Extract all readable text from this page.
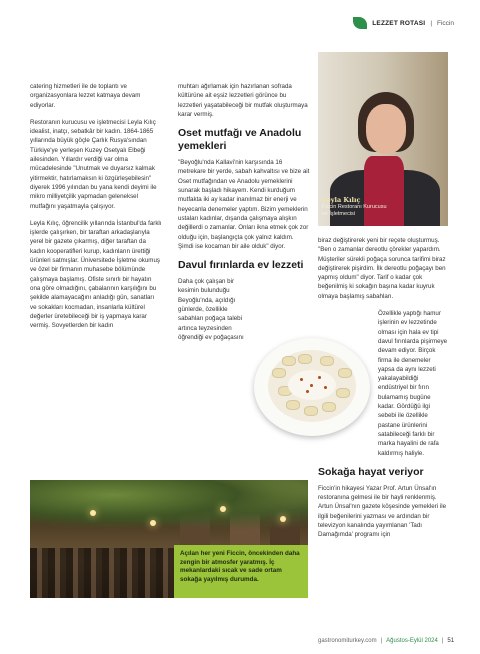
LEZZET ROTASI | Ficcin

catering hizmetleri ile de toplantı ve organizasyonlara lezzet katmaya devam ediyorlar.

Restoranın kurucusu ve işletmecisi Leyla Kılıç idealist, inatçı, sebatkâr bir kadın. 1864-1865 yıllarında büyük göçle Çarlık Rusya'sından Türkiye'ye yerleşen Kuzey Osetyalı Elbeği ailesinden. Yıllardır verdiği var olma mücadelesinde "Unutmak ve duyarsız kalmak yitirmektir, hatırlamaksın ki özgürleşebilesin" diyerek 1996 yılından bu yana kendi deyimi ile mikro milliyetçilik yapmadan geleneksel mutfağını yaşatmayla çalışıyor.

Leyla Kılıç, öğrencilik yıllarında İstanbul'da farklı işlerde çalışırken, bir taraftan arkadaşlarıyla yerel bir gazete çıkarmış, diğer taraftan da kadın kooperatifleri kurup, kadınların ürettiği ürünleri satmışlar. Üniversitede İşletme okumuş ve özel bir firmanın muhasebe bölümünde çalışmaya başlamış. Ofiste sınırlı bir hayatın ona göre olmadığını, çabalarının karşılığını bu şekilde alamayacağını anladığı gün, sanatları ve sokakları kocmadan, insanlarla kültürel değerler üretebileceği bir iş yapmaya karar vermiş. Sovyetlerden bir kadın

muhtarı ağırlamak için hazırlanan sofrada kültürüne ait eşsiz lezzetleri görünce bu lezzetleri yaşatabileceği bir mutfak oluşturmaya karar vermiş.

Oset mutfağı ve Anadolu yemekleri

"Beyoğlu'nda Kallavi'nin karşısında 16 metrekare bir yerde, sabah kahvaltısı ve bize ait Oset mutfağından ve Anadolu yemeklerini sunarak başladı hikayem. Kendi kurduğum mutfakta iki ay kadar inanılmaz bir enerji ve heyecanla denemeler yaptım. Bizim yemeklerin ustaları kadınlar, dışarıda çalışmaya alışkın değillerdi o zamanlar. Onları ikna etmek çok zor olduğu için, başlangıçta çok yalnız kaldım. Şimdi ise kocaman bir aile olduk" diyor.

Davul fırınlarda ev lezzeti

Daha çok çalışan bir kesimin bulunduğu Beyoğlu'nda, açıldığı günlerde, özellikle sabahları poğaça talebi artınca teyzesinden öğrendiği ev poğaçasını

Leyla Kılıç
Ficcin Restoranı Kurucusu ve İşletmecisi

biraz değiştirerek yeni bir reçete oluşturmuş. "Ben o zamanlar dereotlu çörekler yapardım. Müşteriler sürekli poğaça sorunca tarifimi biraz değiştirerek pişirdim. İlk dereotlu poğaçayı ben yapmış oldum" diyor. Tarif o kadar çok beğenilmiş ki sokağın başına kadar kuyruk olmaya başlamış sabahları.

Özellikle yaptığı hamur işlerinin ev lezzetinde olması için hala ev tipi davul fırınlarda pişirmeye devam ediyor. Birçok firma ile denemeler yapsa da aynı lezzeti yakalayabildiği endüstriyel bir fırın bulamamış bugüne kadar. Gördüğü ilgi sebebi ile özellikle pastane ürünlerini satabileceği farklı bir marka hayalini de rafa kaldırmış haliyle.

Sokağa hayat veriyor

Ficcin'in hikayesi Yazar Prof. Artun Ünsal'ın restoranına gelmesi ile bir hayli renklenmiş. Artun Ünsal'nın gazete köşesinde yemekleri ile ilgili beğenilerini yazması ve ardından bir televizyon kanalında yayımlanan 'Tadı Damağımda' programı için

Açılan her yeni Ficcin, öncekinden daha zengin bir atmosfer yaratmış. İç mekanlardaki sıcak ve sade ortam sokağa yayılmış durumda.
gastronomiturkey.com | Ağustos-Eylül 2024 | 51
